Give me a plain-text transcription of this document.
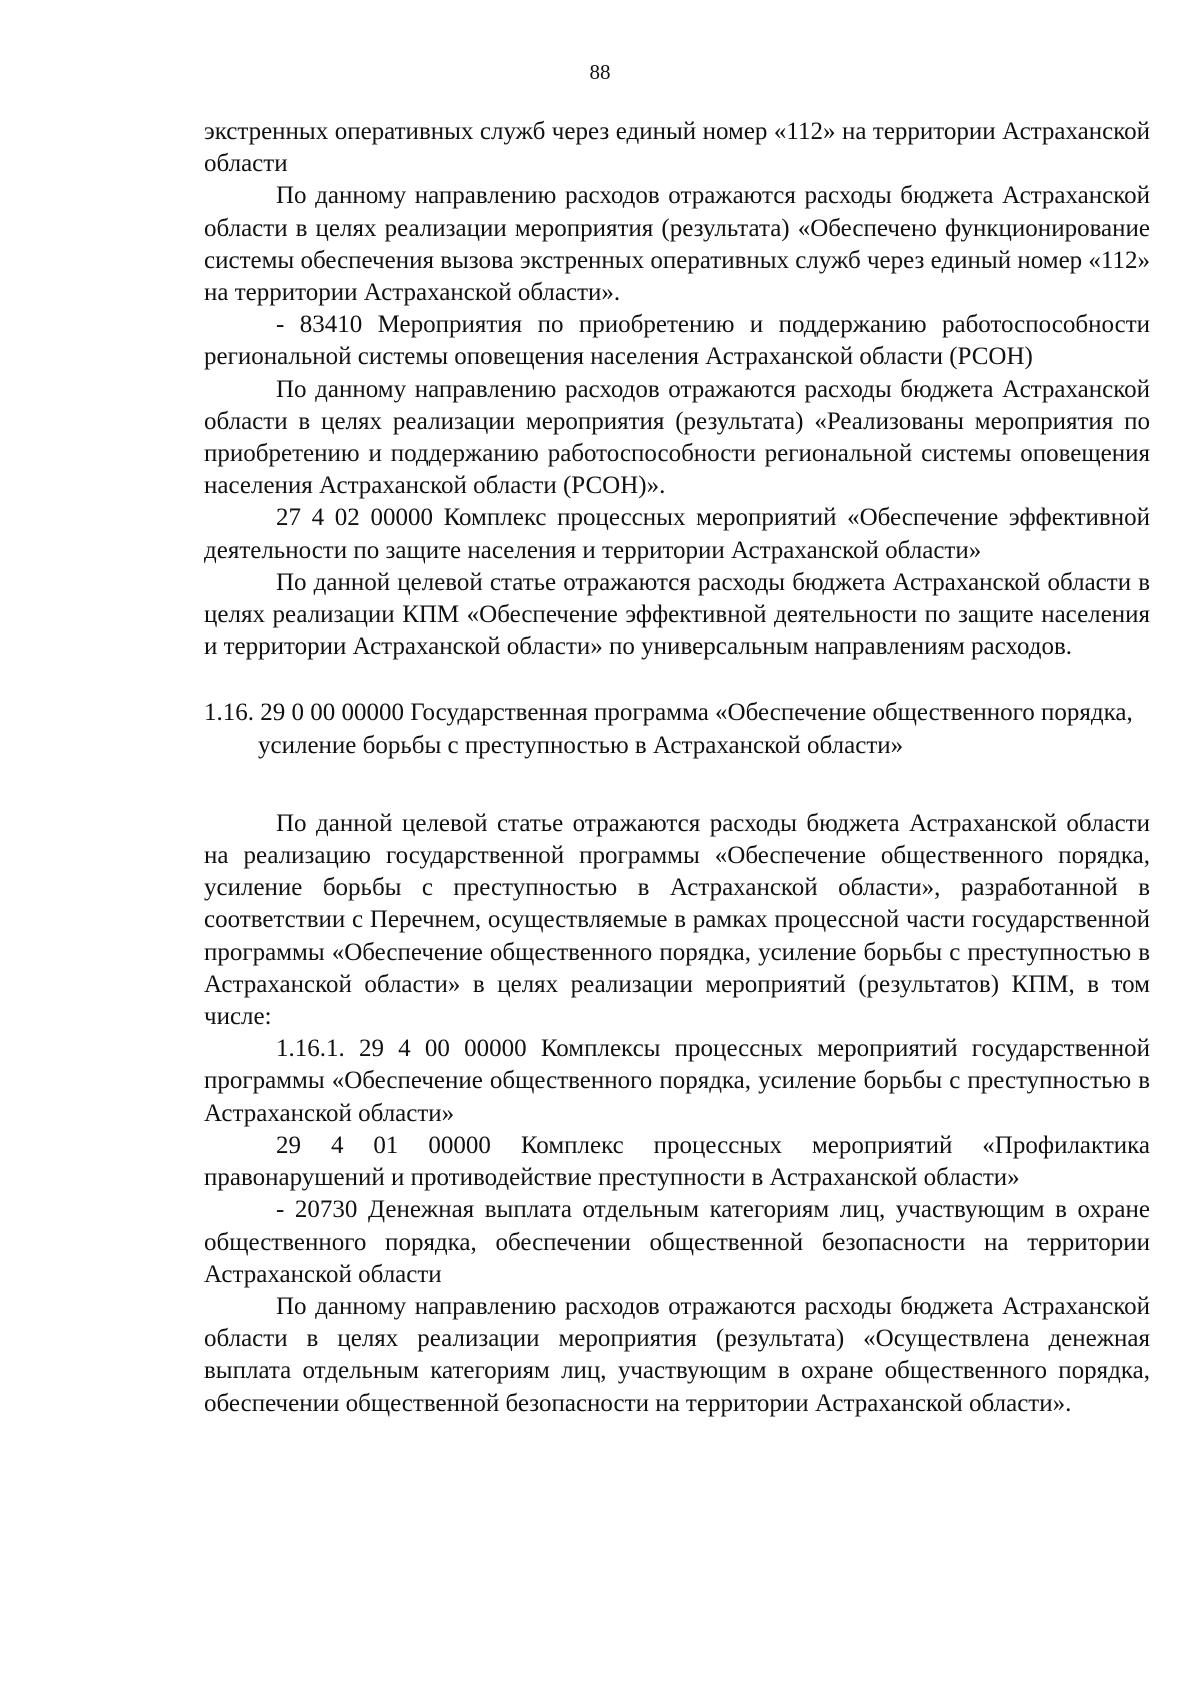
88

экстренных оперативных служб через единый номер «112» на территории Астраханской области

По данному направлению расходов отражаются расходы бюджета Астраханской области в целях реализации мероприятия (результата) «Обеспечено функционирование системы обеспечения вызова экстренных оперативных служб через единый номер «112» на территории Астраханской области».

- 83410 Мероприятия по приобретению и поддержанию работоспособности региональной системы оповещения населения Астраханской области (РСОН)

По данному направлению расходов отражаются расходы бюджета Астраханской области в целях реализации мероприятия (результата) «Реализованы мероприятия по приобретению и поддержанию работоспособности региональной системы оповещения населения Астраханской области (РСОН)».

27 4 02 00000 Комплекс процессных мероприятий «Обеспечение эффективной деятельности по защите населения и территории Астраханской области»

По данной целевой статье отражаются расходы бюджета Астраханской области в целях реализации КПМ «Обеспечение эффективной деятельности по защите населения и территории Астраханской области» по универсальным направлениям расходов.

1.16. 29 0 00 00000 Государственная программа «Обеспечение общественного порядка, усиление борьбы с преступностью в Астраханской области»

По данной целевой статье отражаются расходы бюджета Астраханской области на реализацию государственной программы «Обеспечение общественного порядка, усиление борьбы с преступностью в Астраханской области», разработанной в соответствии с Перечнем, осуществляемые в рамках процессной части государственной программы «Обеспечение общественного порядка, усиление борьбы с преступностью в Астраханской области» в целях реализации мероприятий (результатов) КПМ, в том числе:

1.16.1. 29 4 00 00000 Комплексы процессных мероприятий государственной программы «Обеспечение общественного порядка, усиление борьбы с преступностью в Астраханской области»

29 4 01 00000 Комплекс процессных мероприятий «Профилактика правонарушений и противодействие преступности в Астраханской области»

- 20730 Денежная выплата отдельным категориям лиц, участвующим в охране общественного порядка, обеспечении общественной безопасности на территории Астраханской области

По данному направлению расходов отражаются расходы бюджета Астраханской области в целях реализации мероприятия (результата) «Осуществлена денежная выплата отдельным категориям лиц, участвующим в охране общественного порядка, обеспечении общественной безопасности на территории Астраханской области».
